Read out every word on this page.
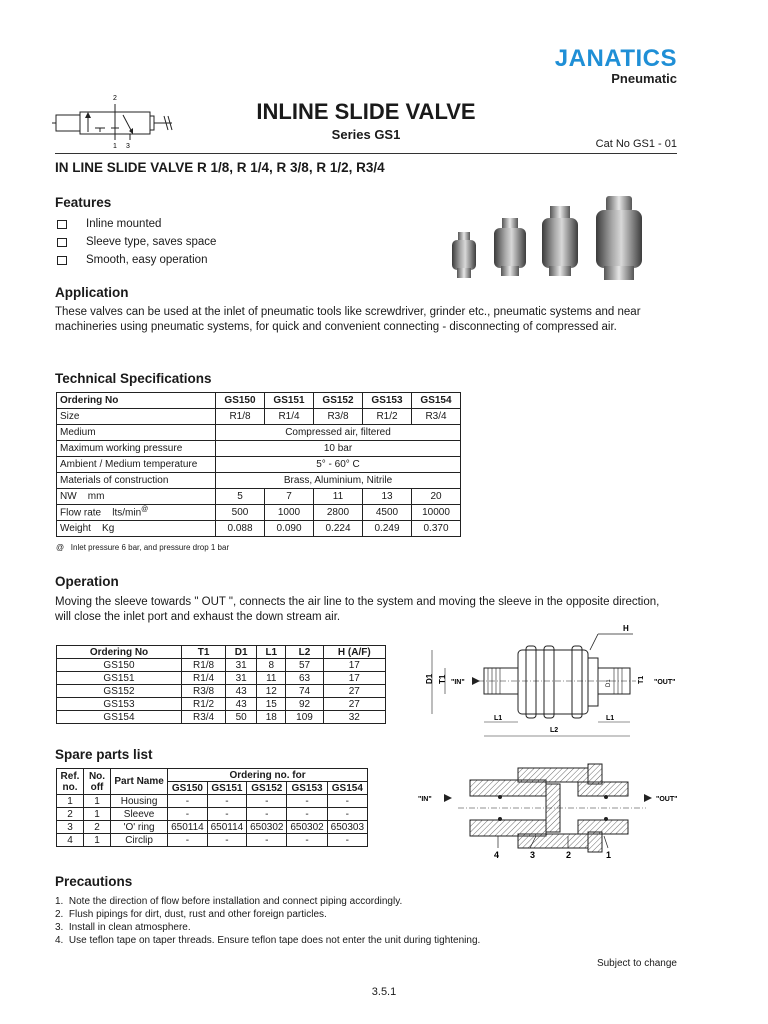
JANATICS
Pneumatic
2
1 3
INLINE SLIDE VALVE
Series GS1
Cat No GS1 - 01
IN LINE SLIDE VALVE R 1/8, R 1/4, R 3/8, R 1/2, R3/4
Features
Inline mounted
Sleeve type, saves space
Smooth, easy operation
Application
These valves can be used at the inlet of pneumatic tools like screwdriver, grinder etc., pneumatic systems and near machineries using pneumatic systems, for quick and convenient connecting - disconnecting of compressed air.
Technical Specifications
Ordering No	GS150	GS151	GS152	GS153	GS154
Size	R1/8	R1/4	R3/8	R1/2	R3/4
Medium	Compressed air, filtered				
Maximum working pressure	10 bar				
Ambient / Medium temperature	5° - 60° C				
Materials of construction	Brass, Aluminium, Nitrile				
NW    mm	5	7	11	13	20
Flow rate    lts/min@	500	1000	2800	4500	10000
Weight    Kg	0.088	0.090	0.224	0.249	0.370
@   Inlet pressure 6 bar, and pressure drop 1 bar
Operation
Moving the sleeve towards " OUT ", connects the air line to the system and moving the sleeve in the opposite direction, will close the inlet port and exhaust the down stream air.
Ordering No	T1	D1	L1	L2	H (A/F)
GS150	R1/8	31	8	57	17
GS151	R1/4	31	11	63	17
GS152	R3/8	43	12	74	27
GS153	R1/2	43	15	92	27
GS154	R3/4	50	18	109	32
H
D1 T1 "IN"	T1 "OUT"
D1
L1	L1
L2
Spare parts list
Ref. no.	No. off	Part Name	Ordering no. for				
			GS150	GS151	GS152	GS153	GS154
1	1	Housing	-	-	-	-	-
2	1	Sleeve	-	-	-	-	-
3	2	'O' ring	650114	650114	650302	650302	650303
4	1	Circlip	-	-	-	-	-
"IN"	"OUT"
4	3	2	1
Precautions
1.  Note the direction of flow before installation and connect piping accordingly.
2.  Flush pipings for dirt, dust, rust and other foreign particles.
3.  Install in clean atmosphere.
4.  Use teflon tape on taper threads. Ensure teflon tape does not enter the unit during tightening.
Subject to change
3.5.1
